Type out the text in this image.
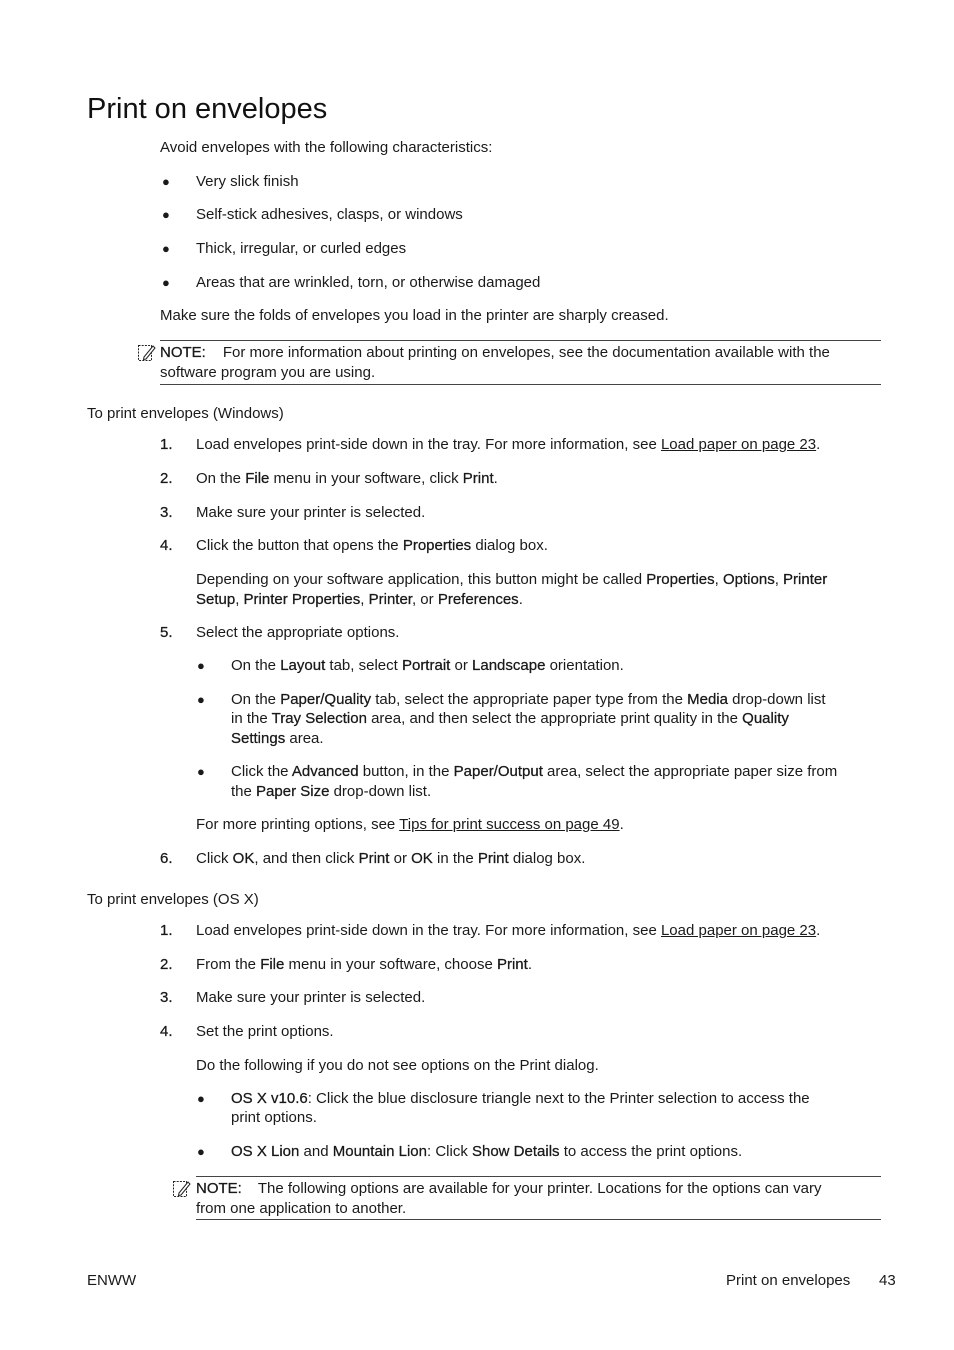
Print on envelopes
Avoid envelopes with the following characteristics:
● Very slick finish
● Self-stick adhesives, clasps, or windows
● Thick, irregular, or curled edges
● Areas that are wrinkled, torn, or otherwise damaged
Make sure the folds of envelopes you load in the printer are sharply creased.
NOTE: For more information about printing on envelopes, see the documentation available with the
software program you are using.
To print envelopes (Windows)
1.	Load envelopes print-side down in the tray. For more information, see Load paper on page 23.
2.	On the File menu in your software, click Print.
3.	Make sure your printer is selected.
4.	Click the button that opens the Properties dialog box.
Depending on your software application, this button might be called Properties, Options, Printer
Setup, Printer Properties, Printer, or Preferences.
5.	Select the appropriate options.
● On the Layout tab, select Portrait or Landscape orientation.
● On the Paper/Quality tab, select the appropriate paper type from the Media drop-down list
in the Tray Selection area, and then select the appropriate print quality in the Quality
Settings area.
● Click the Advanced button, in the Paper/Output area, select the appropriate paper size from
the Paper Size drop-down list.
For more printing options, see Tips for print success on page 49.
6.	Click OK, and then click Print or OK in the Print dialog box.
To print envelopes (OS X)
1.	Load envelopes print-side down in the tray. For more information, see Load paper on page 23.
2.	From the File menu in your software, choose Print.
3.	Make sure your printer is selected.
4.	Set the print options.
Do the following if you do not see options on the Print dialog.
● OS X v10.6: Click the blue disclosure triangle next to the Printer selection to access the
print options.
● OS X Lion and Mountain Lion: Click Show Details to access the print options.
NOTE: The following options are available for your printer. Locations for the options can vary
from one application to another.
ENWW	Print on envelopes 43
